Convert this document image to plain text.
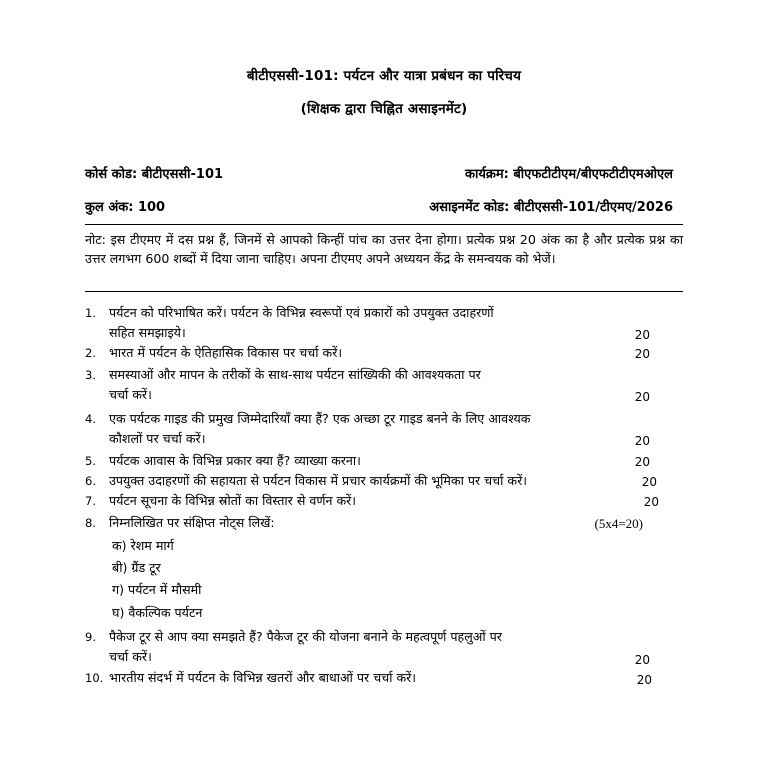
बीटीएससी-101: पर्यटन और यात्रा प्रबंधन का परिचय
(शिक्षक द्वारा चिह्नित असाइनमेंट)
कोर्स कोड: बीटीएससी-101	कार्यक्रम: बीएफटीटीएम/बीएफटीटीएमओएल
कुल अंक: 100	असाइनमेंट कोड: बीटीएससी-101/टीएमए/2026
नोट: इस टीएमए में दस प्रश्न हैं, जिनमें से आपको किन्हीं पांच का उत्तर देना होगा। प्रत्येक प्रश्न 20 अंक का है और प्रत्येक प्रश्न का उत्तर लगभग 600 शब्दों में दिया जाना चाहिए। अपना टीएमए अपने अध्ययन केंद्र के समन्वयक को भेजें।
1.	पर्यटन को परिभाषित करें। पर्यटन के विभिन्न स्वरूपों एवं प्रकारों को उपयुक्त उदाहरणों
सहित समझाइये।	20
2.	भारत में पर्यटन के ऐतिहासिक विकास पर चर्चा करें।	20
3.	समस्याओं और मापन के तरीकों के साथ-साथ पर्यटन सांख्यिकी की आवश्यकता पर
चर्चा करें।	20
4.	एक पर्यटक गाइड की प्रमुख जिम्मेदारियाँ क्या हैं? एक अच्छा टूर गाइड बनने के लिए आवश्यक
कौशलों पर चर्चा करें।	20
5.	पर्यटक आवास के विभिन्न प्रकार क्या हैं? व्याख्या करना।	20
6.	उपयुक्त उदाहरणों की सहायता से पर्यटन विकास में प्रचार कार्यक्रमों की भूमिका पर चर्चा करें।	20
7.	पर्यटन सूचना के विभिन्न स्रोतों का विस्तार से वर्णन करें।	20
8.	निम्नलिखित पर संक्षिप्त नोट्स लिखें:	(5x4=20)
क) रेशम मार्ग
बी) ग्रैंड टूर
ग) पर्यटन में मौसमी
घ) वैकल्पिक पर्यटन
9.	पैकेज टूर से आप क्या समझते हैं? पैकेज टूर की योजना बनाने के महत्वपूर्ण पहलुओं पर
चर्चा करें।	20
10. भारतीय संदर्भ में पर्यटन के विभिन्न खतरों और बाधाओं पर चर्चा करें।	20
